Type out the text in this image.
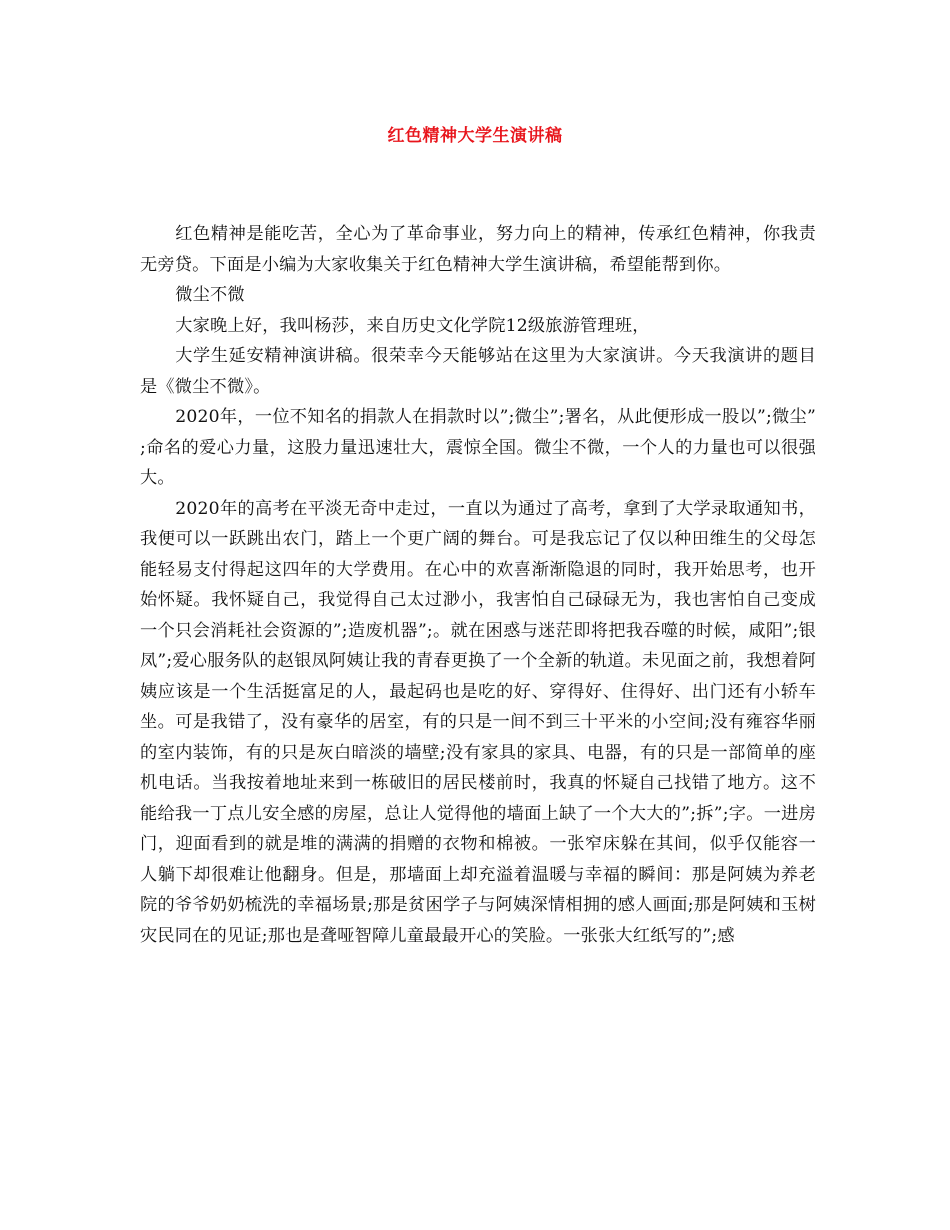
红色精神大学生演讲稿

红色精神是能吃苦，全心为了革命事业，努力向上的精神，传承红色精神，你我责无旁贷。下面是小编为大家收集关于红色精神大学生演讲稿，希望能帮到你。

微尘不微

大家晚上好，我叫杨莎，来自历史文化学院12级旅游管理班，

大学生延安精神演讲稿。很荣幸今天能够站在这里为大家演讲。今天我演讲的题目是《微尘不微》。

2020年，一位不知名的捐款人在捐款时以”;微尘”;署名，从此便形成一股以”;微尘”;命名的爱心力量，这股力量迅速壮大，震惊全国。微尘不微，一个人的力量也可以很强大。

2020年的高考在平淡无奇中走过，一直以为通过了高考，拿到了大学录取通知书，我便可以一跃跳出农门，踏上一个更广阔的舞台。可是我忘记了仅以种田维生的父母怎能轻易支付得起这四年的大学费用。在心中的欢喜渐渐隐退的同时，我开始思考，也开始怀疑。我怀疑自己，我觉得自己太过渺小，我害怕自己碌碌无为，我也害怕自己变成一个只会消耗社会资源的”;造废机器”;。就在困惑与迷茫即将把我吞噬的时候，咸阳”;银凤”;爱心服务队的赵银凤阿姨让我的青春更换了一个全新的轨道。未见面之前，我想着阿姨应该是一个生活挺富足的人，最起码也是吃的好、穿得好、住得好、出门还有小轿车坐。可是我错了，没有豪华的居室，有的只是一间不到三十平米的小空间;没有雍容华丽的室内装饰，有的只是灰白暗淡的墙壁;没有家具的家具、电器，有的只是一部简单的座机电话。当我按着地址来到一栋破旧的居民楼前时，我真的怀疑自己找错了地方。这不能给我一丁点儿安全感的房屋，总让人觉得他的墙面上缺了一个大大的”;拆”;字。一进房门，迎面看到的就是堆的满满的捐赠的衣物和棉被。一张窄床躲在其间，似乎仅能容一人躺下却很难让他翻身。但是，那墙面上却充溢着温暖与幸福的瞬间：那是阿姨为养老院的爷爷奶奶梳洗的幸福场景;那是贫困学子与阿姨深情相拥的感人画面;那是阿姨和玉树灾民同在的见证;那也是聋哑智障儿童最最开心的笑脸。一张张大红纸写的”;感
